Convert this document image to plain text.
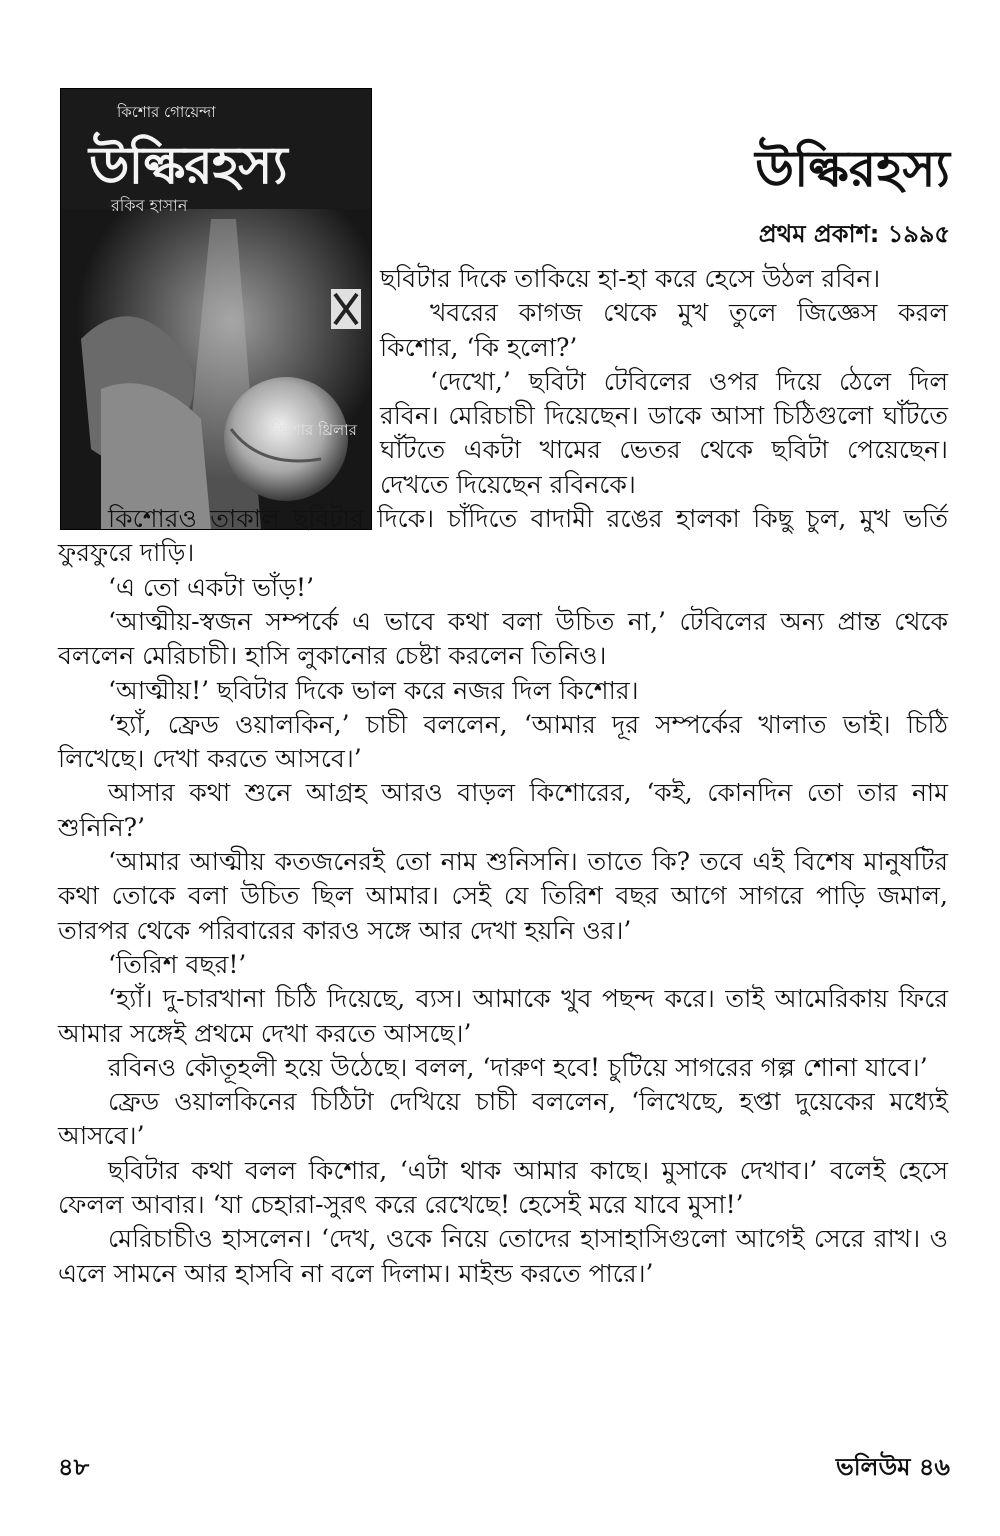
কিশোর গোয়েন্দা
উল্কিরহস্য
রকিব হাসান
কিশোর থ্রিলার
উল্কিরহস্য
প্রথম প্রকাশ: ১৯৯৫

ছবিটার দিকে তাকিয়ে হা-হা করে হেসে উঠল রবিন।

খবরের কাগজ থেকে মুখ তুলে জিজ্ঞেস করল কিশোর, ‘কি হলো?’

‘দেখো,’ ছবিটা টেবিলের ওপর দিয়ে ঠেলে দিল রবিন। মেরিচাচী দিয়েছেন। ডাকে আসা চিঠিগুলো ঘাঁটতে ঘাঁটতে একটা খামের ভেতর থেকে ছবিটা পেয়েছেন। দেখতে দিয়েছেন রবিনকে।

কিশোরও তাকাল ছবিটার দিকে। চাঁদিতে বাদামী রঙের হালকা কিছু চুল, মুখ ভর্তি ফুরফুরে দাড়ি।

‘এ তো একটা ভাঁড়!’

‘আত্মীয়-স্বজন সম্পর্কে এ ভাবে কথা বলা উচিত না,’ টেবিলের অন্য প্রান্ত থেকে বললেন মেরিচাচী। হাসি লুকানোর চেষ্টা করলেন তিনিও।

‘আত্মীয়!’ ছবিটার দিকে ভাল করে নজর দিল কিশোর।

‘হ্যাঁ, ফ্রেড ওয়ালকিন,’ চাচী বললেন, ‘আমার দূর সম্পর্কের খালাত ভাই। চিঠি লিখেছে। দেখা করতে আসবে।’

আসার কথা শুনে আগ্রহ আরও বাড়ল কিশোরের, ‘কই, কোনদিন তো তার নাম শুনিনি?’

‘আমার আত্মীয় কতজনেরই তো নাম শুনিসনি। তাতে কি? তবে এই বিশেষ মানুষটির কথা তোকে বলা উচিত ছিল আমার। সেই যে তিরিশ বছর আগে সাগরে পাড়ি জমাল, তারপর থেকে পরিবারের কারও সঙ্গে আর দেখা হয়নি ওর।’

‘তিরিশ বছর!’

‘হ্যাঁ। দু-চারখানা চিঠি দিয়েছে, ব্যস। আমাকে খুব পছন্দ করে। তাই আমেরিকায় ফিরে আমার সঙ্গেই প্রথমে দেখা করতে আসছে।’

রবিনও কৌতূহলী হয়ে উঠেছে। বলল, ‘দারুণ হবে! চুটিয়ে সাগরের গল্প শোনা যাবে।’

ফ্রেড ওয়ালকিনের চিঠিটা দেখিয়ে চাচী বললেন, ‘লিখেছে, হপ্তা দুয়েকের মধ্যেই আসবে।’

ছবিটার কথা বলল কিশোর, ‘এটা থাক আমার কাছে। মুসাকে দেখাব।’ বলেই হেসে ফেলল আবার। ‘যা চেহারা-সুরৎ করে রেখেছে! হেসেই মরে যাবে মুসা!’

মেরিচাচীও হাসলেন। ‘দেখ, ওকে নিয়ে তোদের হাসাহাসিগুলো আগেই সেরে রাখ। ও এলে সামনে আর হাসবি না বলে দিলাম। মাইন্ড করতে পারে।’

৪৮	ভলিউম ৪৬
